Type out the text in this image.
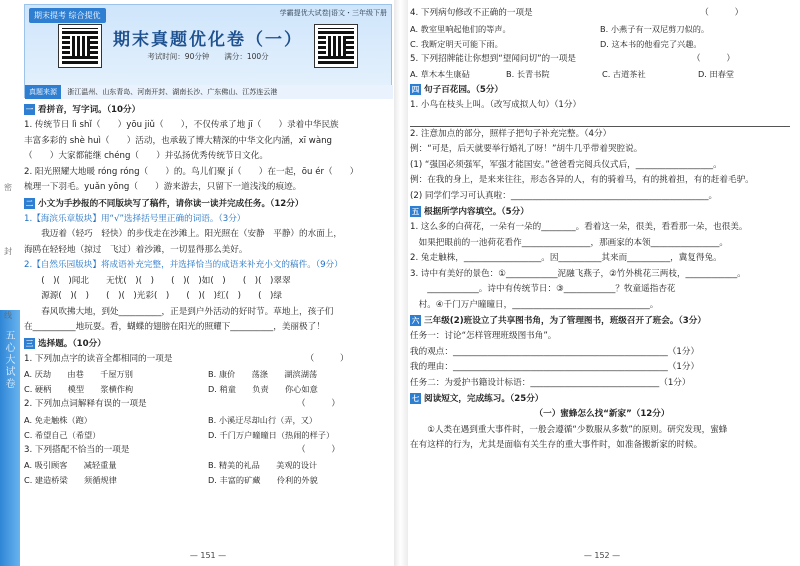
五心大试卷
密

封

线
期末提考 综合提优	学霸提优大试卷|语文・三年级下册
期末真题优化卷（一）
考试时间：90分钟　　满分：100分
真题来源 浙江温州、山东青岛、河南开封、湖南长沙、广东佛山、江苏连云港
一 看拼音，写字词。（10分）
1. 传统节日 lì shǐ（　　）yōu jiǔ（　　），不仅传承了地 jī（　　）录着中华民族
丰富多彩的 shè huì（　　）活动，也承载了博大精深的中华文化内涵，xī wàng
（　　）大家都能继 chéng（　　）并弘扬优秀传统节日文化。
2. 阳光照耀大地暖 róng róng（　　）的。鸟儿们聚 jí（　　）在一起，ōu ér（　　）
梳理一下羽毛。yuǎn yōng（　　）游来游去，只留下一道浅浅的痕迹。
二 小文为手抄报的不同版块写了稿件，请你读一读并完成任务。（12分）
1.【海滨乐章版块】用“√”选择括号里正确的词语。（3分）
　　我迈着（轻巧　轻快）的步伐走在沙滩上。阳光照在（安静　平静）的水面上，
海鸥在轻轻地（掠过　飞过）着沙滩，一切显得那么美好。
2.【自然乐园版块】将成语补充完整，并选择恰当的成语来补充小文的稿件。（9分）
　　(　)(　)闻北　　无忧(　)(　)　　(　)(　)如(　)　　(　)(　)翠翠
　　源源(　)(　)　　(　)(　)光彩(　)　　(　)(　)红(　)　　(　)绿
　　春风吹拂大地，到处__________，正是到户外活动的好时节。草地上，孩子们
在__________地玩耍。看，蝴蝶的翅膀在阳光的照耀下__________，美丽极了！
三 选择题。（10分）
1. 下列加点字的读音全都相同的一项是　　　　　　　　　　　　　　　　（　　　）
A. 厌劫　　由巷　　千屋万别	B. 康价　　荡涤　　湖滨湖荡
C. 硬柄　　模型　　浆横作枸	D. 稍童　　负责　　你心如意
2. 下列加点词解释有误的一项是　　　　　　　　　　　　　　　　　　（　　　）
A. 免走触株（跑）	B. 小溪迂尽却山行（弄，又）
C. 希望自己（希望）	D. 千门万户曈曈日（热闹的样子）
3. 下列搭配不恰当的一项是　　　　　　　　　　　　　　　　　　　　（　　　）
A. 吸引顾客　　减轻重量	B. 精美的礼品　　美观的设计
C. 建造桥梁　　须循规律	D. 丰富的矿藏　　伶利的外貌
— 151 —
4. 下列病句修改不正确的一项是　　　　　　　　　　　　　　　　　　　　（　　　）
A. 教室里响起他们的等声。	B. 小燕子有一双尼剪刀似的。
C. 我断定明天可能下雨。	D. 这本书的他看完了兴趣。
5. 下列招牌能让你想到“望闻问切”的一项是　　　　　　　　　　　　　　（　　　）
A. 草木本生康砧	B. 长青书院	C. 古道茶社	D. 田春堂
四 句子百花园。（5分）
1. 小鸟在枝头上叫。（改写成拟人句）（1分）
2. 注意加点的部分，照样子把句子补充完整。（4分）
例：“可是，后天就要举行婚礼了呀！”胡牛几乎带着哭腔说。
(1) “强国必须强军，军强才能国安。”爸爸看完阅兵仪式后，__________________。
例：在我的身上，是来来往往，形态各异的人，有的骑着马，有的挑着担，有的赶着毛驴。
(2) 同学们学习可认真啦：______________________________________________。
五 根据所学内容填空。（5分）
1. 这么多的白荷花，一朵有一朵的________。看着这一朵，很美，看看那一朵，也很美。
　如果把眼前的一池荷花看作________________，那画家的本领________________。
2. 兔走触株，__________________。因__________其来而__________，冀复得兔。
3. 诗中有美好的景色：①____________泥融飞燕子，②竹外桃花三两枝，____________。
　　____________。诗中有传统节日：③____________？牧童遥指杏花
　村。④千门万户曈曈日，________________________________。
六 三年级(2)班设立了共享图书角，为了管理图书，班级召开了班会。（3分）
任务一：讨论“怎样管理班级图书角”。
我的观点：__________________________________________________（1分）
我的理由：__________________________________________________（1分）
任务二：为爱护书籍设计标语：______________________________（1分）
七 阅读短文，完成练习。（25分）
（一）蜜蜂怎么找“新家”（12分）
　　①人类在遇到重大事件时，一般会遵循“少数服从多数”的原则。研究发现，蜜蜂
在有这样的行为，尤其是面临有关生存的重大事件时，如准备搬新家的时候。
— 152 —
